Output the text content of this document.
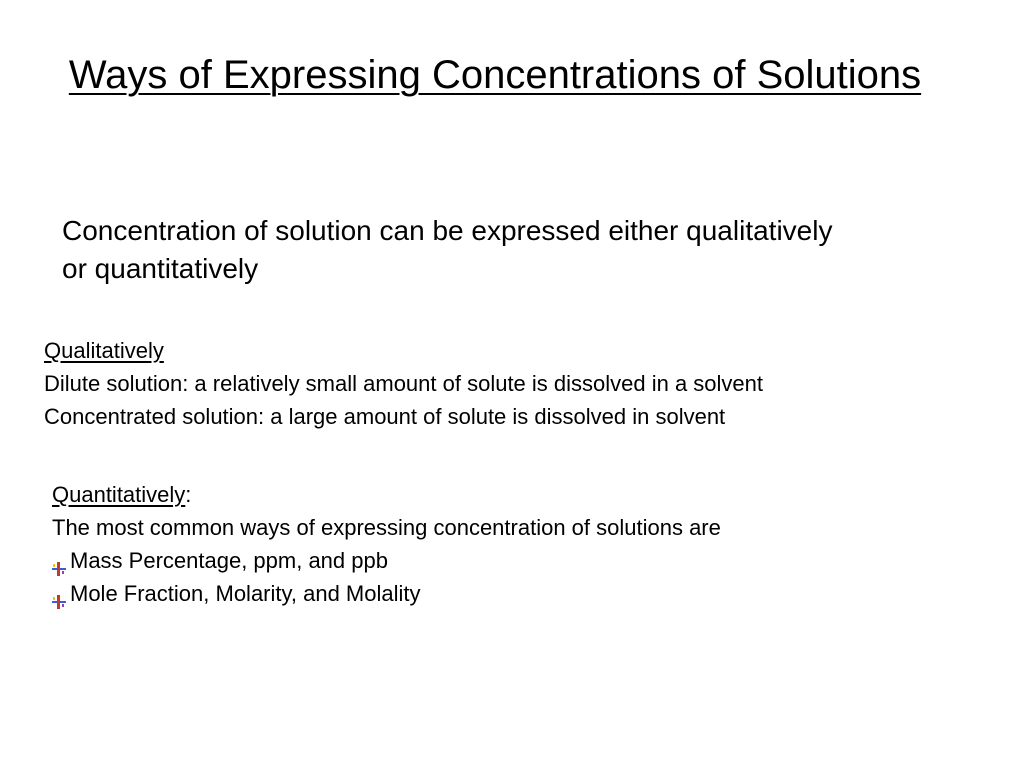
Ways of Expressing Concentrations of Solutions
Concentration of solution can be expressed either qualitatively or quantitatively
Qualitatively
Dilute solution: a relatively small amount of solute is dissolved in a solvent
Concentrated solution: a large amount of solute is dissolved in solvent
Quantitatively:
The most common ways of expressing concentration of solutions are
Mass Percentage, ppm, and ppb
Mole Fraction, Molarity, and Molality
